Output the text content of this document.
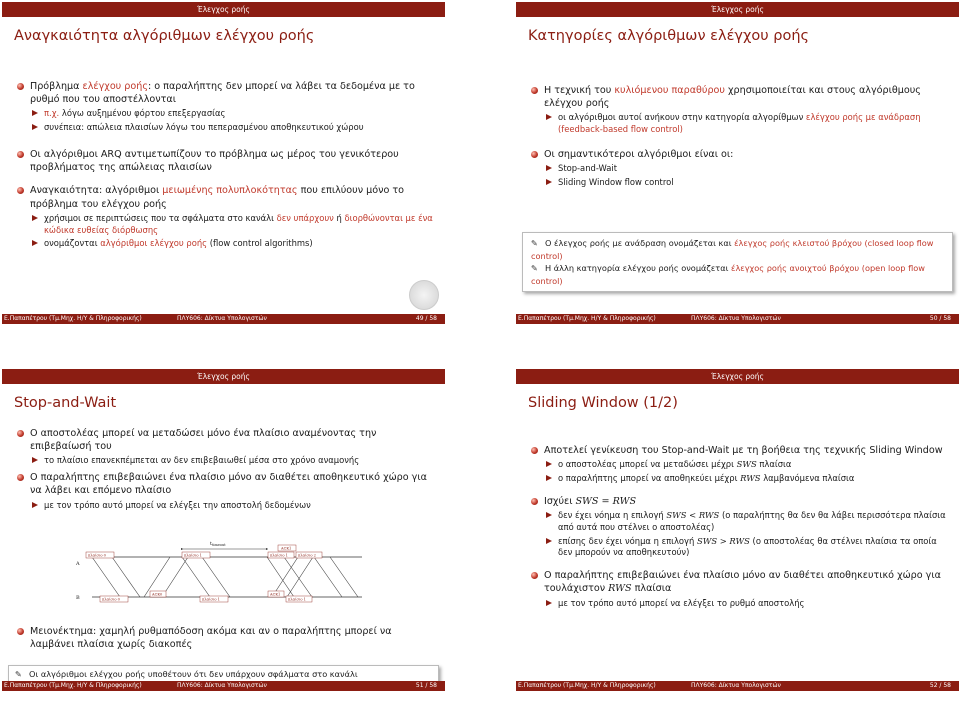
Έλεγχος ροής
Αναγκαιότητα αλγόριθμων ελέγχου ροής
Πρόβλημα ελέγχου ροής: ο παραλήπτης δεν μπορεί να λάβει τα δεδομένα με το ρυθμό που του αποστέλλονται
π.χ. λόγω αυξημένου φόρτου επεξεργασίας
συνέπεια: απώλεια πλαισίων λόγω του πεπερασμένου αποθηκευτικού χώρου
Οι αλγόριθμοι ARQ αντιμετωπίζουν το πρόβλημα ως μέρος του γενικότερου προβλήματος της απώλειας πλαισίων
Αναγκαιότητα: αλγόριθμοι μειωμένης πολυπλοκότητας που επιλύουν μόνο το πρόβλημα του ελέγχου ροής
χρήσιμοι σε περιπτώσεις που τα σφάλματα στο κανάλι δεν υπάρχουν ή διορθώνονται με ένα κώδικα ευθείας διόρθωσης
ονομάζονται αλγόριθμοι ελέγχου ροής (flow control algorithms)
Ε.Παπαπέτρου (Τμ.Μηχ. Η/Υ & Πληροφορικής)	ΠΛΥ606: Δίκτυα Υπολογιστών	49 / 58
Έλεγχος ροής
Κατηγορίες αλγόριθμων ελέγχου ροής
Η τεχνική του κυλιόμενου παραθύρου χρησιμοποιείται και στους αλγόριθμους ελέγχου ροής
οι αλγόριθμοι αυτοί ανήκουν στην κατηγορία αλγορίθμων ελέγχου ροής με ανάδραση (feedback-based flow control)
Οι σημαντικότεροι αλγόριθμοι είναι οι:
Stop-and-Wait
Sliding Window flow control
✎ Ο έλεγχος ροής με ανάδραση ονομάζεται και έλεγχος ροής κλειστού βρόχου (closed loop flow control)
✎ Η άλλη κατηγορία ελέγχου ροής ονομάζεται έλεγχος ροής ανοιχτού βρόχου (open loop flow control)
Ε.Παπαπέτρου (Τμ.Μηχ. Η/Υ & Πληροφορικής)	ΠΛΥ606: Δίκτυα Υπολογιστών	50 / 58
Έλεγχος ροής
Stop-and-Wait
Ο αποστολέας μπορεί να μεταδώσει μόνο ένα πλαίσιο αναμένοντας την επιβεβαίωσή του
το πλαίσιο επανεκπέμπεται αν δεν επιβεβαιωθεί μέσα στο χρόνο αναμονής
Ο παραλήπτης επιβεβαιώνει ένα πλαίσιο μόνο αν διαθέτει αποθηκευτικό χώρο για να λάβει και επόμενο πλαίσιο
με τον τρόπο αυτό μπορεί να ελέγξει την αποστολή δεδομένων
A
B
$t_{timeout}$
πλαίσιο 0	πλαίσιο 1	πλαίσιο 1	πλαίσιο 2
ACK1
πλαίσιο 0
ACK0
πλαίσιο 1
ACK1
πλαίσιο 1
Μειονέκτημα: χαμηλή ρυθμαπόδοση ακόμα και αν ο παραλήπτης μπορεί να λαμβάνει πλαίσια χωρίς διακοπές
✎ Οι αλγόριθμοι ελέγχου ροής υποθέτουν ότι δεν υπάρχουν σφάλματα στο κανάλι
Ε.Παπαπέτρου (Τμ.Μηχ. Η/Υ & Πληροφορικής)	ΠΛΥ606: Δίκτυα Υπολογιστών	51 / 58
Έλεγχος ροής
Sliding Window (1/2)
Αποτελεί γενίκευση του Stop-and-Wait με τη βοήθεια της τεχνικής Sliding Window
ο αποστολέας μπορεί να μεταδώσει μέχρι SWS πλαίσια
ο παραλήπτης μπορεί να αποθηκεύει μέχρι RWS λαμβανόμενα πλαίσια
Ισχύει SWS = RWS
δεν έχει νόημα η επιλογή SWS < RWS (ο παραλήπτης θα δεν θα λάβει περισσότερα πλαίσια από αυτά που στέλνει ο αποστολέας)
επίσης δεν έχει νόημα η επιλογή SWS > RWS (ο αποστολέας θα στέλνει πλαίσια τα οποία δεν μπορούν να αποθηκευτούν)
Ο παραλήπτης επιβεβαιώνει ένα πλαίσιο μόνο αν διαθέτει αποθηκευτικό χώρο για τουλάχιστον RWS πλαίσια
με τον τρόπο αυτό μπορεί να ελέγξει το ρυθμό αποστολής
Ε.Παπαπέτρου (Τμ.Μηχ. Η/Υ & Πληροφορικής)	ΠΛΥ606: Δίκτυα Υπολογιστών	52 / 58
